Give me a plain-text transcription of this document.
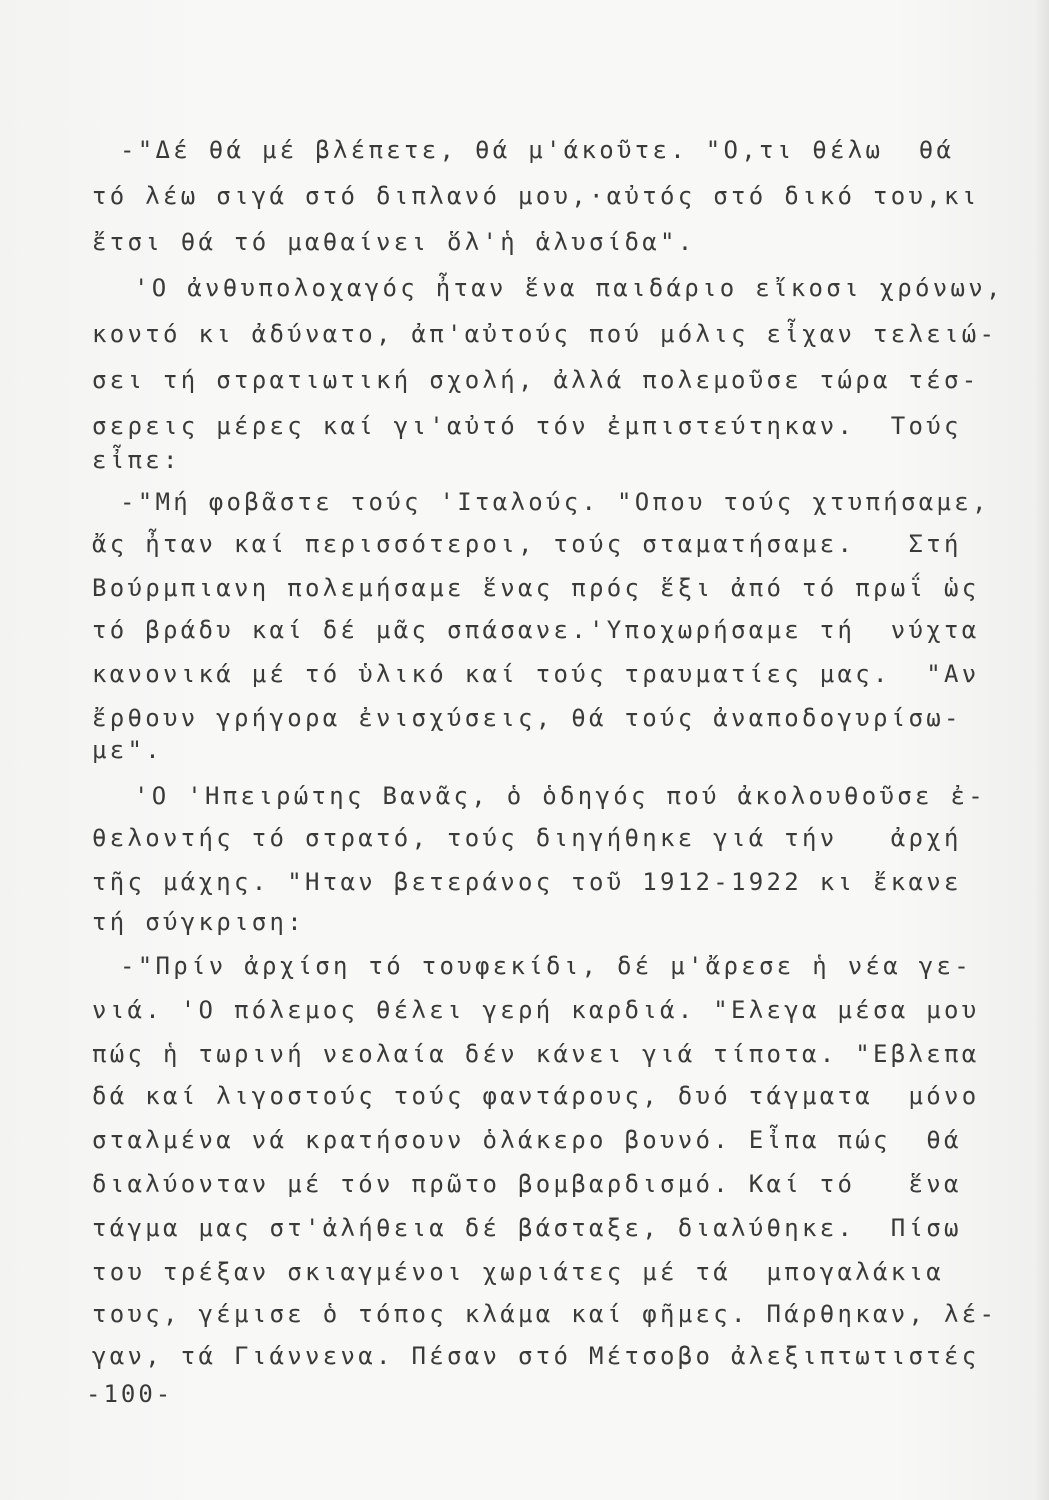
-"Δέ θά μέ βλέπετε, θά μ'άκοῦτε. "Ο,τι θέλω  θά
τό λέω σιγά στό διπλανό μου,·αὐτός στό δικό του,κι
ἔτσι θά τό μαθαίνει ὅλ'ἡ ἁλυσίδα".
'Ο ἀνθυπολοχαγός ἦταν ἕνα παιδάριο εἴκοσι χρόνων,
κοντό κι ἀδύνατο, ἀπ'αὐτούς πού μόλις εἶχαν τελειώ-
σει τή στρατιωτική σχολή, ἀλλά πολεμοῦσε τώρα τέσ-
σερεις μέρες καί γι'αὐτό τόν ἐμπιστεύτηκαν.  Τούς
εἶπε:
-"Μή φοβᾶστε τούς 'Ιταλούς. "Οπου τούς χτυπήσαμε,
ἄς ἦταν καί περισσότεροι, τούς σταματήσαμε.   Στή
Βούρμπιανη πολεμήσαμε ἕνας πρός ἕξι ἀπό τό πρωΐ ὡς
τό βράδυ καί δέ μᾶς σπάσανε.'Υποχωρήσαμε τή  νύχτα
κανονικά μέ τό ὑλικό καί τούς τραυματίες μας.  "Αν
ἔρθουν γρήγορα ἐνισχύσεις, θά τούς ἀναποδογυρίσω-
με".
'Ο 'Ηπειρώτης Βανᾶς, ὁ ὁδηγός πού ἀκολουθοῦσε ἐ-
θελοντής τό στρατό, τούς διηγήθηκε γιά τήν   ἀρχή
τῆς μάχης. "Ηταν βετεράνος τοῦ 1912-1922 κι ἔκανε
τή σύγκριση:
-"Πρίν ἀρχίση τό τουφεκίδι, δέ μ'ἄρεσε ἡ νέα γε-
νιά. 'Ο πόλεμος θέλει γερή καρδιά. "Ελεγα μέσα μου
πώς ἡ τωρινή νεολαία δέν κάνει γιά τίποτα. "Εβλεπα
δά καί λιγοστούς τούς φαντάρους, δυό τάγματα  μόνο
σταλμένα νά κρατήσουν ὁλάκερο βουνό. Εἶπα πώς  θά
διαλύονταν μέ τόν πρῶτο βομβαρδισμό. Καί τό   ἕνα
τάγμα μας στ'ἀλήθεια δέ βάσταξε, διαλύθηκε.  Πίσω
του τρέξαν σκιαγμένοι χωριάτες μέ τά  μπογαλάκια
τους, γέμισε ὁ τόπος κλάμα καί φῆμες. Πάρθηκαν, λέ-
γαν, τά Γιάννενα. Πέσαν στό Μέτσοβο ἀλεξιπτωτιστές
-100-
